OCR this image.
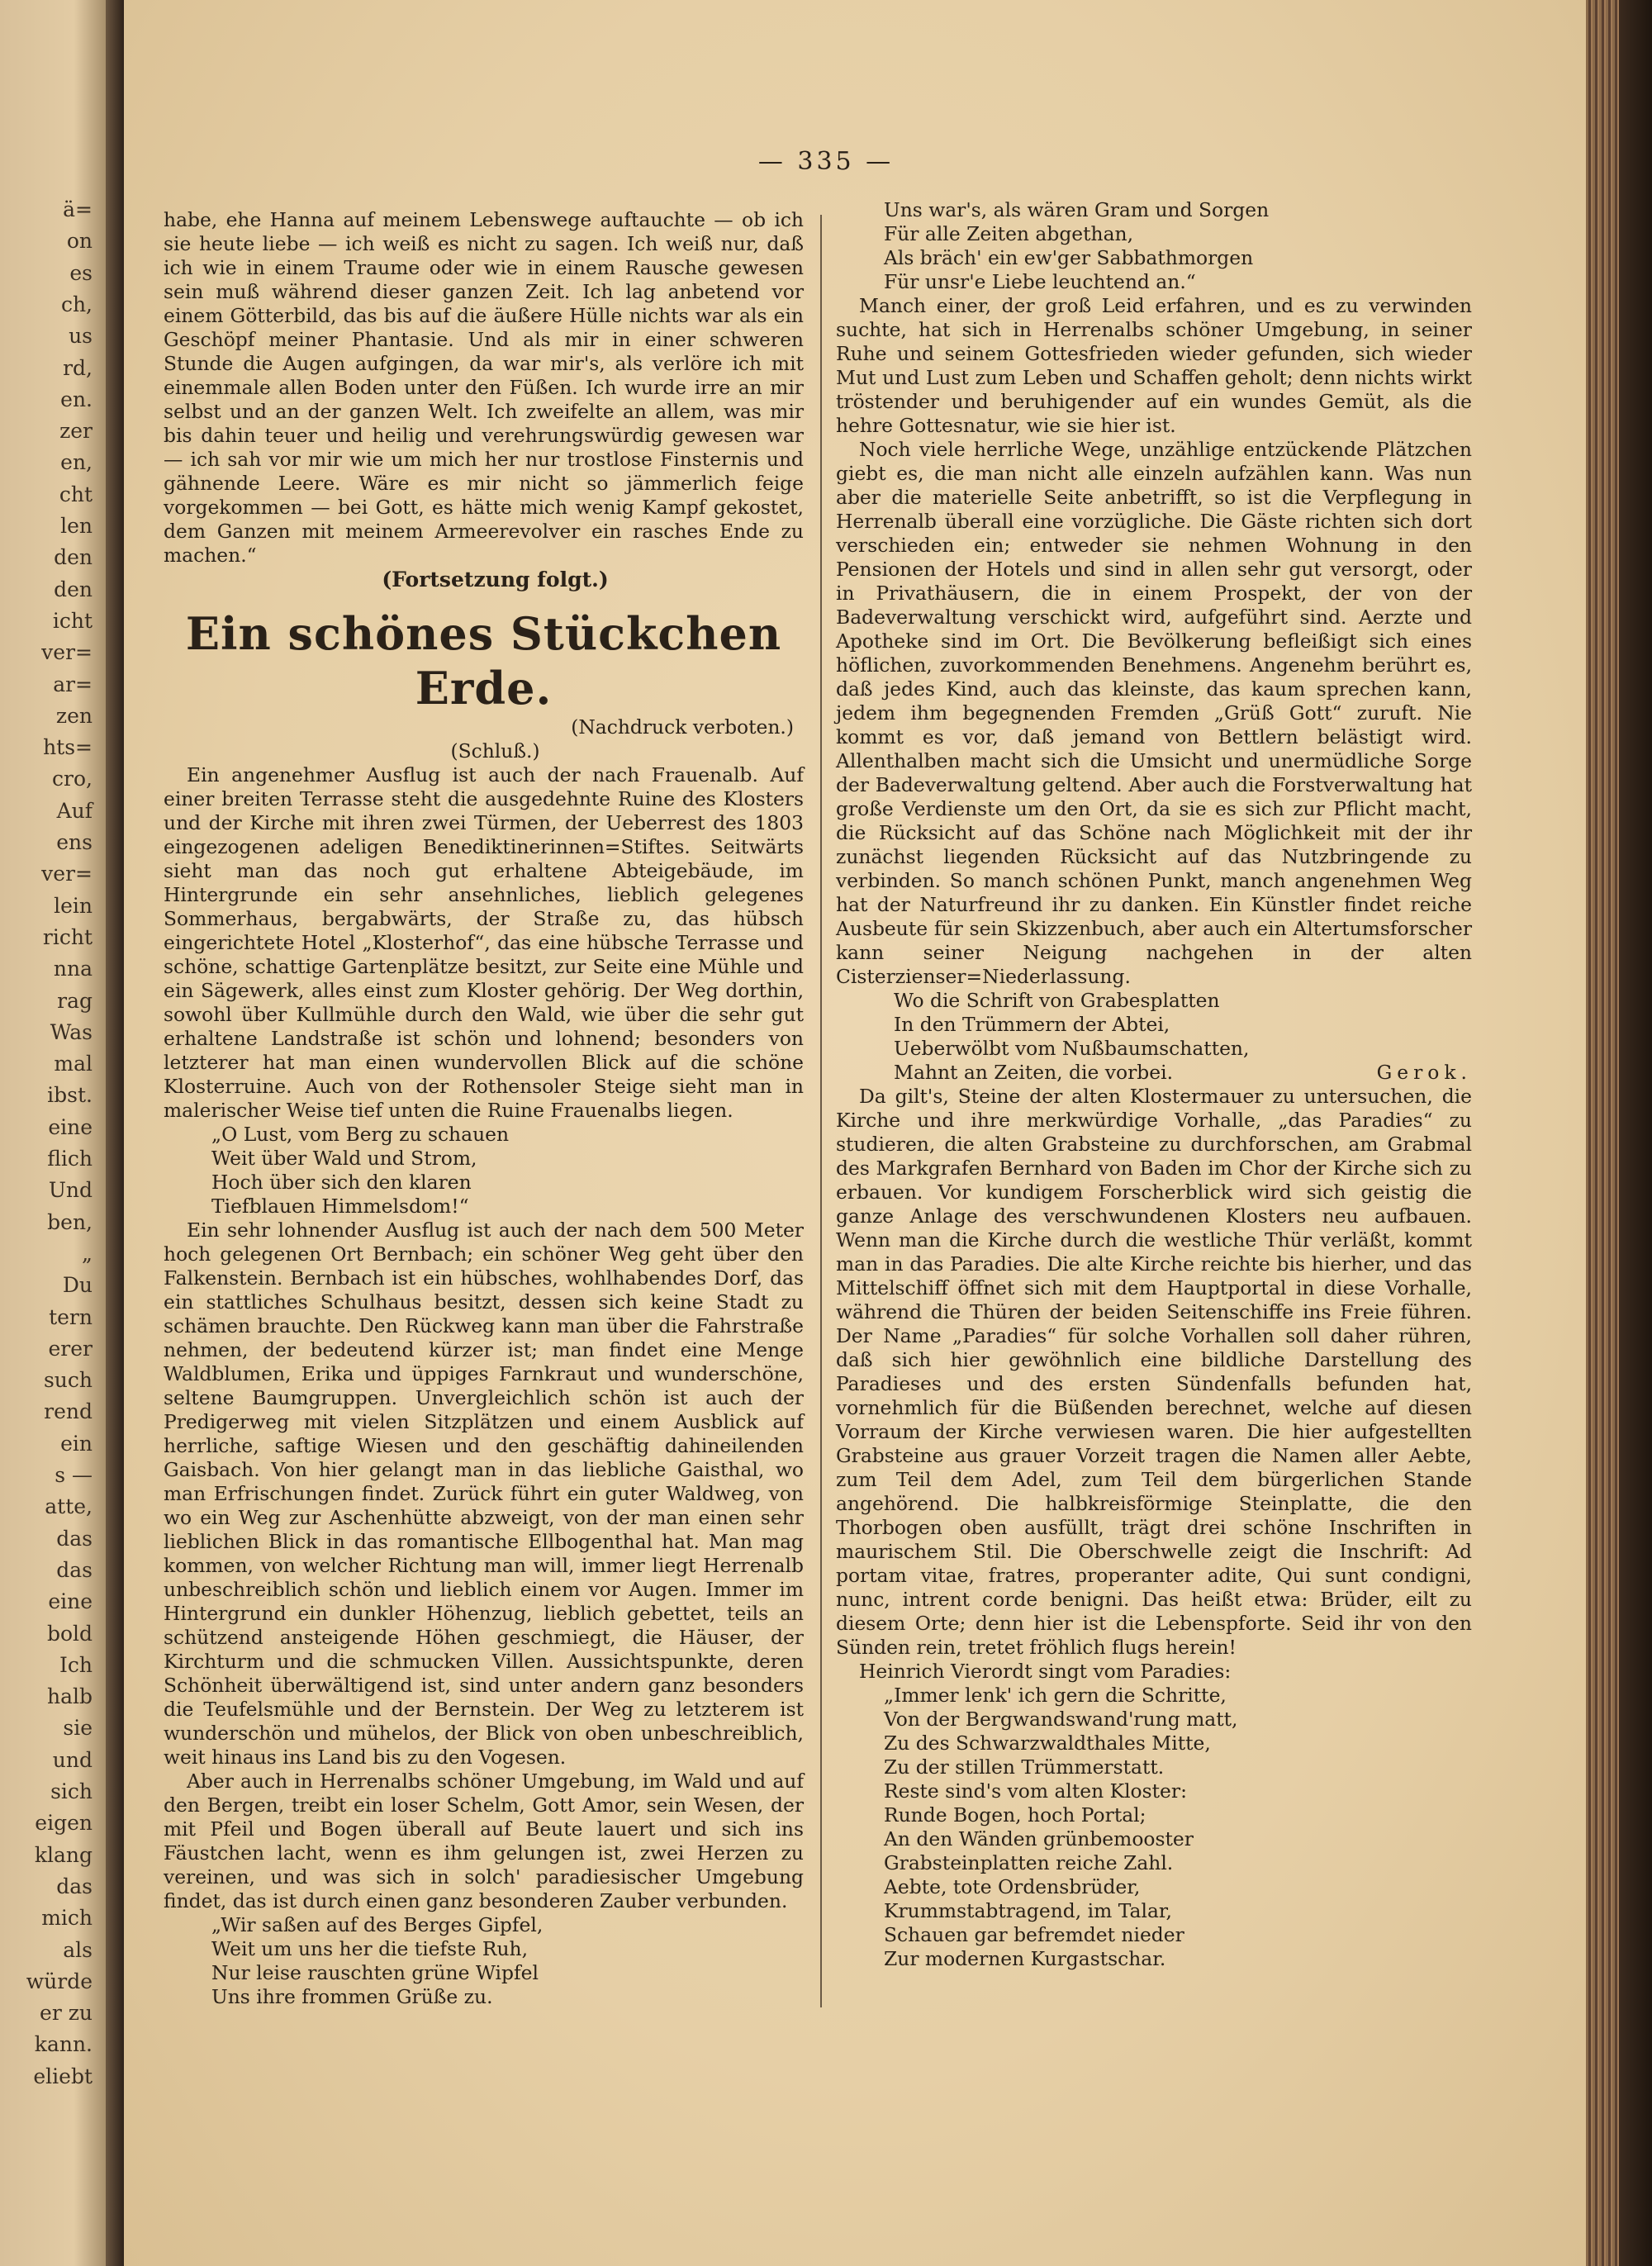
ä=
on
es
ch,
us
rd,
en.
zer
en,
cht
len
den
den
icht
ver=
ar=
zen
hts=
cro,
Auf
ens
ver=
lein
richt
nna
rag
Was
mal
ibst.
eine
flich
Und
ben,
„
Du
tern
erer
such
rend
ein
s —
atte,
das
das
eine
bold
Ich
halb
sie
und
sich
eigen
klang
das
mich
als
würde
er zu
kann.
eliebt
— 335 —

habe, ehe Hanna auf meinem Lebenswege auftauchte — ob ich sie heute liebe — ich weiß es nicht zu sagen. Ich weiß nur, daß ich wie in einem Traume oder wie in einem Rausche gewesen sein muß während dieser ganzen Zeit. Ich lag anbetend vor einem Götterbild, das bis auf die äußere Hülle nichts war als ein Geschöpf meiner Phantasie. Und als mir in einer schweren Stunde die Augen aufgingen, da war mir's, als verlöre ich mit einemmale allen Boden unter den Füßen. Ich wurde irre an mir selbst und an der ganzen Welt. Ich zweifelte an allem, was mir bis dahin teuer und heilig und verehrungswürdig gewesen war — ich sah vor mir wie um mich her nur trostlose Finsternis und gähnende Leere. Wäre es mir nicht so jämmerlich feige vorgekommen — bei Gott, es hätte mich wenig Kampf gekostet, dem Ganzen mit meinem Armeerevolver ein rasches Ende zu machen.“

(Fortsetzung folgt.)

Ein schönes Stückchen Erde.

(Nachdruck verboten.)

(Schluß.)

Ein angenehmer Ausflug ist auch der nach Frauenalb. Auf einer breiten Terrasse steht die ausgedehnte Ruine des Klosters und der Kirche mit ihren zwei Türmen, der Ueberrest des 1803 eingezogenen adeligen Benediktinerinnen=Stiftes. Seitwärts sieht man das noch gut erhaltene Abteigebäude, im Hintergrunde ein sehr ansehnliches, lieblich gelegenes Sommerhaus, bergabwärts, der Straße zu, das hübsch eingerichtete Hotel „Klosterhof“, das eine hübsche Terrasse und schöne, schattige Gartenplätze besitzt, zur Seite eine Mühle und ein Sägewerk, alles einst zum Kloster gehörig. Der Weg dorthin, sowohl über Kullmühle durch den Wald, wie über die sehr gut erhaltene Landstraße ist schön und lohnend; besonders von letzterer hat man einen wundervollen Blick auf die schöne Klosterruine. Auch von der Rothensoler Steige sieht man in malerischer Weise tief unten die Ruine Frauenalbs liegen.

„O Lust, vom Berg zu schauen
Weit über Wald und Strom,
Hoch über sich den klaren
Tiefblauen Himmelsdom!“

Ein sehr lohnender Ausflug ist auch der nach dem 500 Meter hoch gelegenen Ort Bernbach; ein schöner Weg geht über den Falkenstein. Bernbach ist ein hübsches, wohlhabendes Dorf, das ein stattliches Schulhaus besitzt, dessen sich keine Stadt zu schämen brauchte. Den Rückweg kann man über die Fahrstraße nehmen, der bedeutend kürzer ist; man findet eine Menge Waldblumen, Erika und üppiges Farnkraut und wunderschöne, seltene Baumgruppen. Unvergleichlich schön ist auch der Predigerweg mit vielen Sitzplätzen und einem Ausblick auf herrliche, saftige Wiesen und den geschäftig dahineilenden Gaisbach. Von hier gelangt man in das liebliche Gaisthal, wo man Erfrischungen findet. Zurück führt ein guter Waldweg, von wo ein Weg zur Aschenhütte abzweigt, von der man einen sehr lieblichen Blick in das romantische Ellbogenthal hat. Man mag kommen, von welcher Richtung man will, immer liegt Herrenalb unbeschreiblich schön und lieblich einem vor Augen. Immer im Hintergrund ein dunkler Höhenzug, lieblich gebettet, teils an schützend ansteigende Höhen geschmiegt, die Häuser, der Kirchturm und die schmucken Villen. Aussichtspunkte, deren Schönheit überwältigend ist, sind unter andern ganz besonders die Teufelsmühle und der Bernstein. Der Weg zu letzterem ist wunderschön und mühelos, der Blick von oben unbeschreiblich, weit hinaus ins Land bis zu den Vogesen.

Aber auch in Herrenalbs schöner Umgebung, im Wald und auf den Bergen, treibt ein loser Schelm, Gott Amor, sein Wesen, der mit Pfeil und Bogen überall auf Beute lauert und sich ins Fäustchen lacht, wenn es ihm gelungen ist, zwei Herzen zu vereinen, und was sich in solch' paradiesischer Umgebung findet, das ist durch einen ganz besonderen Zauber verbunden.

„Wir saßen auf des Berges Gipfel,
Weit um uns her die tiefste Ruh,
Nur leise rauschten grüne Wipfel
Uns ihre frommen Grüße zu.
Uns war's, als wären Gram und Sorgen
Für alle Zeiten abgethan,
Als bräch' ein ew'ger Sabbathmorgen
Für unsr'e Liebe leuchtend an.“

Manch einer, der groß Leid erfahren, und es zu verwinden suchte, hat sich in Herrenalbs schöner Umgebung, in seiner Ruhe und seinem Gottesfrieden wieder gefunden, sich wieder Mut und Lust zum Leben und Schaffen geholt; denn nichts wirkt tröstender und beruhigender auf ein wundes Gemüt, als die hehre Gottesnatur, wie sie hier ist.

Noch viele herrliche Wege, unzählige entzückende Plätzchen giebt es, die man nicht alle einzeln aufzählen kann. Was nun aber die materielle Seite anbetrifft, so ist die Verpflegung in Herrenalb überall eine vorzügliche. Die Gäste richten sich dort verschieden ein; entweder sie nehmen Wohnung in den Pensionen der Hotels und sind in allen sehr gut versorgt, oder in Privathäusern, die in einem Prospekt, der von der Badeverwaltung verschickt wird, aufgeführt sind. Aerzte und Apotheke sind im Ort. Die Bevölkerung befleißigt sich eines höflichen, zuvorkommenden Benehmens. Angenehm berührt es, daß jedes Kind, auch das kleinste, das kaum sprechen kann, jedem ihm begegnenden Fremden „Grüß Gott“ zuruft. Nie kommt es vor, daß jemand von Bettlern belästigt wird. Allenthalben macht sich die Umsicht und unermüdliche Sorge der Badeverwaltung geltend. Aber auch die Forstverwaltung hat große Verdienste um den Ort, da sie es sich zur Pflicht macht, die Rücksicht auf das Schöne nach Möglichkeit mit der ihr zunächst liegenden Rücksicht auf das Nutzbringende zu verbinden. So manch schönen Punkt, manch angenehmen Weg hat der Naturfreund ihr zu danken. Ein Künstler findet reiche Ausbeute für sein Skizzenbuch, aber auch ein Altertumsforscher kann seiner Neigung nachgehen in der alten Cisterzienser=Niederlassung.

Wo die Schrift von Grabesplatten
In den Trümmern der Abtei,
Ueberwölbt vom Nußbaumschatten,
Mahnt an Zeiten, die vorbei.	Gerok.

Da gilt's, Steine der alten Klostermauer zu untersuchen, die Kirche und ihre merkwürdige Vorhalle, „das Paradies“ zu studieren, die alten Grabsteine zu durchforschen, am Grabmal des Markgrafen Bernhard von Baden im Chor der Kirche sich zu erbauen. Vor kundigem Forscherblick wird sich geistig die ganze Anlage des verschwundenen Klosters neu aufbauen. Wenn man die Kirche durch die westliche Thür verläßt, kommt man in das Paradies. Die alte Kirche reichte bis hierher, und das Mittelschiff öffnet sich mit dem Hauptportal in diese Vorhalle, während die Thüren der beiden Seitenschiffe ins Freie führen. Der Name „Paradies“ für solche Vorhallen soll daher rühren, daß sich hier gewöhnlich eine bildliche Darstellung des Paradieses und des ersten Sündenfalls befunden hat, vornehmlich für die Büßenden berechnet, welche auf diesen Vorraum der Kirche verwiesen waren. Die hier aufgestellten Grabsteine aus grauer Vorzeit tragen die Namen aller Aebte, zum Teil dem Adel, zum Teil dem bürgerlichen Stande angehörend. Die halbkreisförmige Steinplatte, die den Thorbogen oben ausfüllt, trägt drei schöne Inschriften in maurischem Stil. Die Oberschwelle zeigt die Inschrift: Ad portam vitae, fratres, properanter adite, Qui sunt condigni, nunc, intrent corde benigni. Das heißt etwa: Brüder, eilt zu diesem Orte; denn hier ist die Lebenspforte. Seid ihr von den Sünden rein, tretet fröhlich flugs herein!

Heinrich Vierordt singt vom Paradies:

„Immer lenk' ich gern die Schritte,
Von der Bergwandswand'rung matt,
Zu des Schwarzwaldthales Mitte,
Zu der stillen Trümmerstatt.
Reste sind's vom alten Kloster:
Runde Bogen, hoch Portal;
An den Wänden grünbemooster
Grabsteinplatten reiche Zahl.
Aebte, tote Ordensbrüder,
Krummstabtragend, im Talar,
Schauen gar befremdet nieder
Zur modernen Kurgastschar.
